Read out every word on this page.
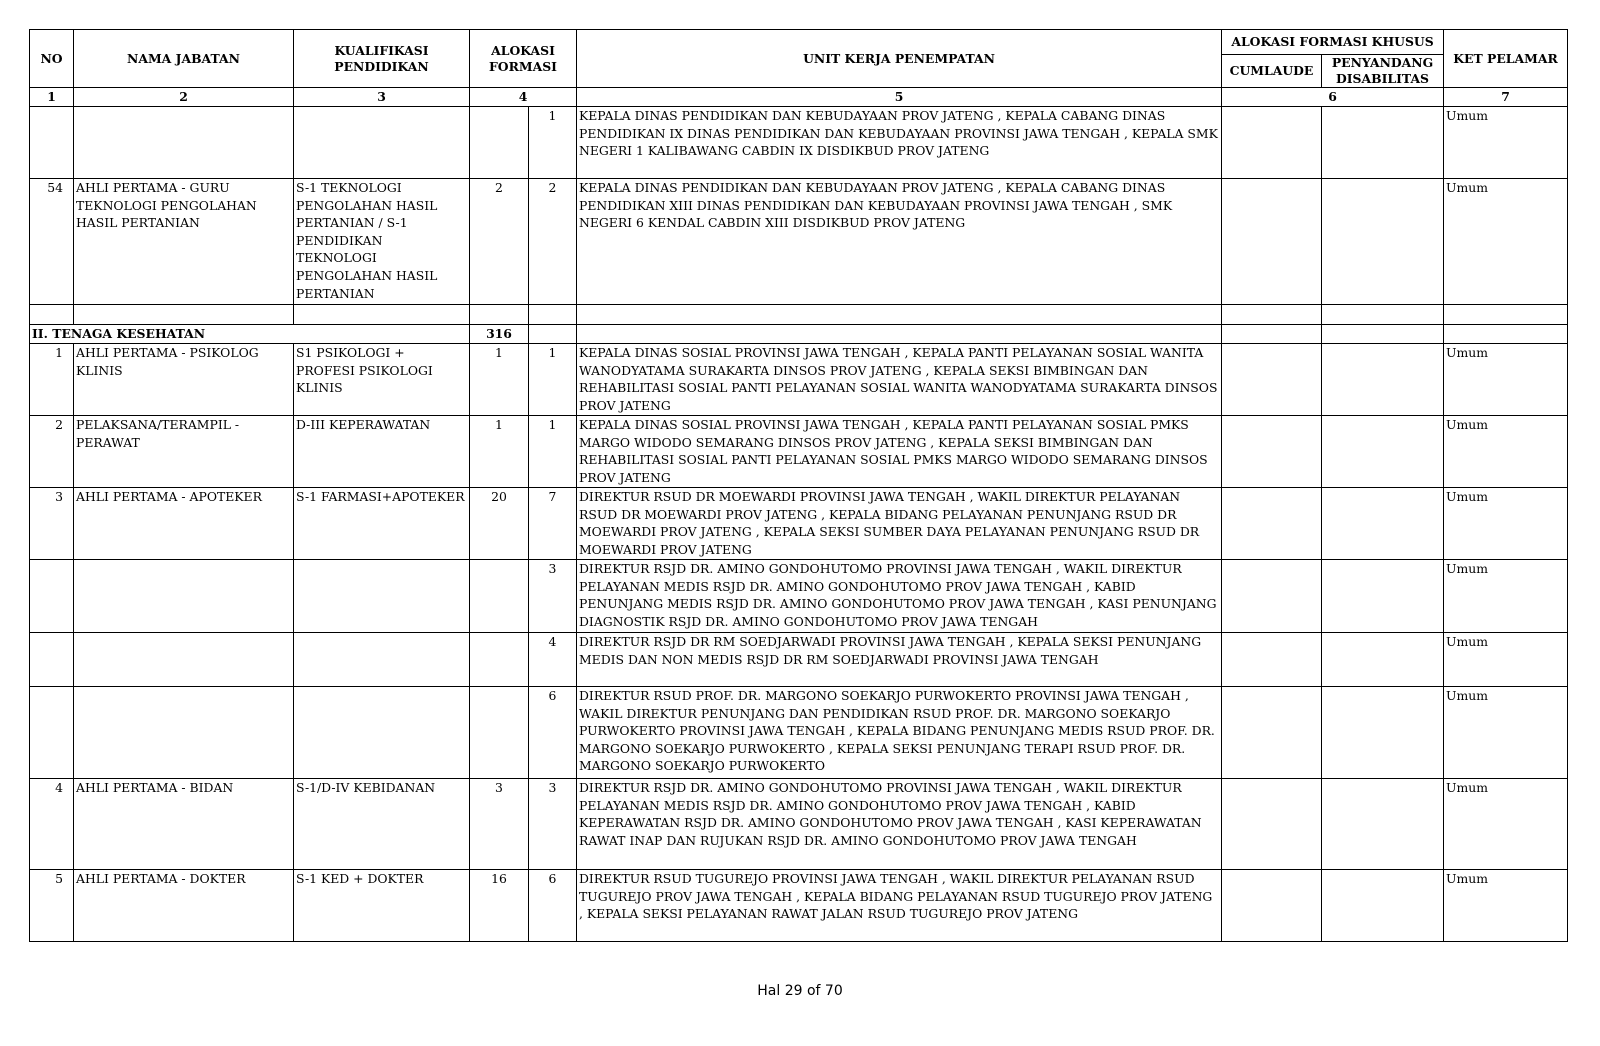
NO	NAMA JABATAN	KUALIFIKASI PENDIDIKAN	ALOKASI FORMASI		UNIT KERJA PENEMPATAN	ALOKASI FORMASI KHUSUS		KET PELAMAR
						CUMLAUDE	PENYANDANG DISABILITAS	
1	2	3	4		5	6		7
				1	KEPALA DINAS PENDIDIKAN DAN KEBUDAYAAN PROV JATENG , KEPALA CABANG DINAS PENDIDIKAN IX DINAS PENDIDIKAN DAN KEBUDAYAAN PROVINSI JAWA TENGAH , KEPALA SMK NEGERI 1 KALIBAWANG CABDIN IX DISDIKBUD PROV JATENG			Umum
54	AHLI PERTAMA - GURU TEKNOLOGI PENGOLAHAN HASIL PERTANIAN	S-1 TEKNOLOGI PENGOLAHAN HASIL PERTANIAN / S-1 PENDIDIKAN TEKNOLOGI PENGOLAHAN HASIL PERTANIAN	2	2	KEPALA DINAS PENDIDIKAN DAN KEBUDAYAAN PROV JATENG , KEPALA CABANG DINAS PENDIDIKAN XIII DINAS PENDIDIKAN DAN KEBUDAYAAN PROVINSI JAWA TENGAH , SMK NEGERI 6 KENDAL CABDIN XIII DISDIKBUD PROV JATENG			Umum

II. TENAGA KESEHATAN			316					
1	AHLI PERTAMA - PSIKOLOG KLINIS	S1 PSIKOLOGI + PROFESI PSIKOLOGI KLINIS	1	1	KEPALA DINAS SOSIAL PROVINSI JAWA TENGAH , KEPALA PANTI PELAYANAN SOSIAL WANITA WANODYATAMA SURAKARTA DINSOS PROV JATENG , KEPALA SEKSI BIMBINGAN DAN REHABILITASI SOSIAL PANTI PELAYANAN SOSIAL WANITA WANODYATAMA SURAKARTA DINSOS PROV JATENG			Umum
2	PELAKSANA/TERAMPIL - PERAWAT	D-III KEPERAWATAN	1	1	KEPALA DINAS SOSIAL PROVINSI JAWA TENGAH , KEPALA PANTI PELAYANAN SOSIAL PMKS MARGO WIDODO SEMARANG DINSOS PROV JATENG , KEPALA SEKSI BIMBINGAN DAN REHABILITASI SOSIAL PANTI PELAYANAN SOSIAL PMKS MARGO WIDODO SEMARANG DINSOS PROV JATENG			Umum
3	AHLI PERTAMA - APOTEKER	S-1 FARMASI+APOTEKER	20	7	DIREKTUR RSUD DR MOEWARDI PROVINSI JAWA TENGAH , WAKIL DIREKTUR PELAYANAN RSUD DR MOEWARDI PROV JATENG , KEPALA BIDANG PELAYANAN PENUNJANG RSUD DR MOEWARDI PROV JATENG , KEPALA SEKSI SUMBER DAYA PELAYANAN PENUNJANG RSUD DR MOEWARDI PROV JATENG			Umum
				3	DIREKTUR RSJD DR. AMINO GONDOHUTOMO PROVINSI JAWA TENGAH , WAKIL DIREKTUR PELAYANAN MEDIS RSJD DR. AMINO GONDOHUTOMO PROV JAWA TENGAH , KABID PENUNJANG MEDIS RSJD DR. AMINO GONDOHUTOMO PROV JAWA TENGAH , KASI PENUNJANG DIAGNOSTIK RSJD DR. AMINO GONDOHUTOMO PROV JAWA TENGAH			Umum
				4	DIREKTUR RSJD DR RM SOEDJARWADI PROVINSI JAWA TENGAH , KEPALA SEKSI PENUNJANG MEDIS DAN NON MEDIS RSJD DR RM SOEDJARWADI PROVINSI JAWA TENGAH			Umum
				6	DIREKTUR RSUD PROF. DR. MARGONO SOEKARJO PURWOKERTO PROVINSI JAWA TENGAH , WAKIL DIREKTUR PENUNJANG DAN PENDIDIKAN RSUD PROF. DR. MARGONO SOEKARJO PURWOKERTO PROVINSI JAWA TENGAH , KEPALA BIDANG PENUNJANG MEDIS RSUD PROF. DR. MARGONO SOEKARJO PURWOKERTO , KEPALA SEKSI PENUNJANG TERAPI RSUD PROF. DR. MARGONO SOEKARJO PURWOKERTO			Umum
4	AHLI PERTAMA - BIDAN	S-1/D-IV KEBIDANAN	3	3	DIREKTUR RSJD DR. AMINO GONDOHUTOMO PROVINSI JAWA TENGAH , WAKIL DIREKTUR PELAYANAN MEDIS RSJD DR. AMINO GONDOHUTOMO PROV JAWA TENGAH , KABID KEPERAWATAN RSJD DR. AMINO GONDOHUTOMO PROV JAWA TENGAH , KASI KEPERAWATAN RAWAT INAP DAN RUJUKAN RSJD DR. AMINO GONDOHUTOMO PROV JAWA TENGAH			Umum
5	AHLI PERTAMA - DOKTER	S-1 KED + DOKTER	16	6	DIREKTUR RSUD TUGUREJO PROVINSI JAWA TENGAH , WAKIL DIREKTUR PELAYANAN RSUD TUGUREJO PROV JAWA TENGAH , KEPALA BIDANG PELAYANAN RSUD TUGUREJO PROV JATENG , KEPALA SEKSI PELAYANAN RAWAT JALAN RSUD TUGUREJO PROV JATENG			Umum
Hal 29 of 70
